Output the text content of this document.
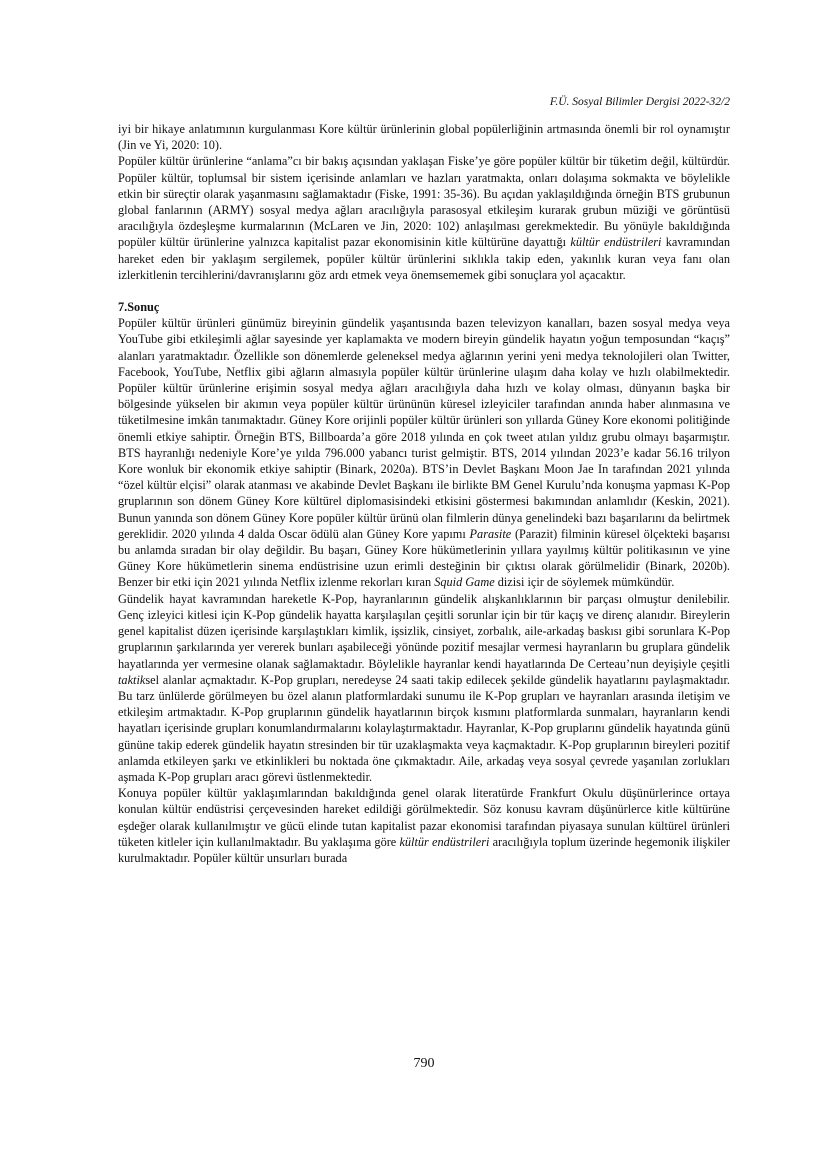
F.Ü. Sosyal Bilimler Dergisi 2022-32/2

iyi bir hikaye anlatımının kurgulanması Kore kültür ürünlerinin global popülerliğinin artmasında önemli bir rol oynamıştır (Jin ve Yi, 2020: 10).

Popüler kültür ürünlerine “anlama”cı bir bakış açısından yaklaşan Fiske’ye göre popüler kültür bir tüketim değil, kültürdür. Popüler kültür, toplumsal bir sistem içerisinde anlamları ve hazları yaratmakta, onları dolaşıma sokmakta ve böylelikle etkin bir süreçtir olarak yaşanmasını sağlamaktadır (Fiske, 1991: 35-36). Bu açıdan yaklaşıldığında örneğin BTS grubunun global fanlarının (ARMY) sosyal medya ağları aracılığıyla parasosyal etkileşim kurarak grubun müziği ve görüntüsü aracılığıyla özdeşleşme kurmalarının (McLaren ve Jin, 2020: 102) anlaşılması gerekmektedir. Bu yönüyle bakıldığında popüler kültür ürünlerine yalnızca kapitalist pazar ekonomisinin kitle kültürüne dayattığı kültür endüstrileri kavramından hareket eden bir yaklaşım sergilemek, popüler kültür ürünlerini sıklıkla takip eden, yakınlık kuran veya fanı olan izlerkitlenin tercihlerini/davranışlarını göz ardı etmek veya önemsememek gibi sonuçlara yol açacaktır.

7.Sonuç

Popüler kültür ürünleri günümüz bireyinin gündelik yaşantısında bazen televizyon kanalları, bazen sosyal medya veya YouTube gibi etkileşimli ağlar sayesinde yer kaplamakta ve modern bireyin gündelik hayatın yoğun temposundan “kaçış” alanları yaratmaktadır. Özellikle son dönemlerde geleneksel medya ağlarının yerini yeni medya teknolojileri olan Twitter, Facebook, YouTube, Netflix gibi ağların almasıyla popüler kültür ürünlerine ulaşım daha kolay ve hızlı olabilmektedir. Popüler kültür ürünlerine erişimin sosyal medya ağları aracılığıyla daha hızlı ve kolay olması, dünyanın başka bir bölgesinde yükselen bir akımın veya popüler kültür ürününün küresel izleyiciler tarafından anında haber alınmasına ve tüketilmesine imkân tanımaktadır. Güney Kore orijinli popüler kültür ürünleri son yıllarda Güney Kore ekonomi politiğinde önemli etkiye sahiptir. Örneğin BTS, Billboarda’a göre 2018 yılında en çok tweet atılan yıldız grubu olmayı başarmıştır. BTS hayranlığı nedeniyle Kore’ye yılda 796.000 yabancı turist gelmiştir. BTS, 2014 yılından 2023’e kadar 56.16 trilyon Kore wonluk bir ekonomik etkiye sahiptir (Binark, 2020a). BTS’in Devlet Başkanı Moon Jae In tarafından 2021 yılında “özel kültür elçisi” olarak atanması ve akabinde Devlet Başkanı ile birlikte BM Genel Kurulu’nda konuşma yapması K-Pop gruplarının son dönem Güney Kore kültürel diplomasisindeki etkisini göstermesi bakımından anlamlıdır (Keskin, 2021). Bunun yanında son dönem Güney Kore popüler kültür ürünü olan filmlerin dünya genelindeki bazı başarılarını da belirtmek gereklidir. 2020 yılında 4 dalda Oscar ödülü alan Güney Kore yapımı Parasite (Parazit) filminin küresel ölçekteki başarısı bu anlamda sıradan bir olay değildir. Bu başarı, Güney Kore hükümetlerinin yıllara yayılmış kültür politikasının ve yine Güney Kore hükümetlerin sinema endüstrisine uzun erimli desteğinin bir çıktısı olarak görülmelidir (Binark, 2020b). Benzer bir etki için 2021 yılında Netflix izlenme rekorları kıran Squid Game dizisi içir de söylemek mümkündür.

Gündelik hayat kavramından hareketle K-Pop, hayranlarının gündelik alışkanlıklarının bir parçası olmuştur denilebilir. Genç izleyici kitlesi için K-Pop gündelik hayatta karşılaşılan çeşitli sorunlar için bir tür kaçış ve direnç alanıdır. Bireylerin genel kapitalist düzen içerisinde karşılaştıkları kimlik, işsizlik, cinsiyet, zorbalık, aile-arkadaş baskısı gibi sorunlara K-Pop gruplarının şarkılarında yer vererek bunları aşabileceği yönünde pozitif mesajlar vermesi hayranların bu gruplara gündelik hayatlarında yer vermesine olanak sağlamaktadır. Böylelikle hayranlar kendi hayatlarında De Certeau’nun deyişiyle çeşitli taktiksel alanlar açmaktadır. K-Pop grupları, neredeyse 24 saati takip edilecek şekilde gündelik hayatlarını paylaşmaktadır. Bu tarz ünlülerde görülmeyen bu özel alanın platformlardaki sunumu ile K-Pop grupları ve hayranları arasında iletişim ve etkileşim artmaktadır. K-Pop gruplarının gündelik hayatlarının birçok kısmını platformlarda sunmaları, hayranların kendi hayatları içerisinde grupları konumlandırmalarını kolaylaştırmaktadır. Hayranlar, K-Pop gruplarını gündelik hayatında günü gününe takip ederek gündelik hayatın stresinden bir tür uzaklaşmakta veya kaçmaktadır. K-Pop gruplarının bireyleri pozitif anlamda etkileyen şarkı ve etkinlikleri bu noktada öne çıkmaktadır. Aile, arkadaş veya sosyal çevrede yaşanılan zorlukları aşmada K-Pop grupları aracı görevi üstlenmektedir.

Konuya popüler kültür yaklaşımlarından bakıldığında genel olarak literatürde Frankfurt Okulu düşünürlerince ortaya konulan kültür endüstrisi çerçevesinden hareket edildiği görülmektedir. Söz konusu kavram düşünürlerce kitle kültürüne eşdeğer olarak kullanılmıştır ve gücü elinde tutan kapitalist pazar ekonomisi tarafından piyasaya sunulan kültürel ürünleri tüketen kitleler için kullanılmaktadır. Bu yaklaşıma göre kültür endüstrileri aracılığıyla toplum üzerinde hegemonik ilişkiler kurulmaktadır. Popüler kültür unsurları burada

790
